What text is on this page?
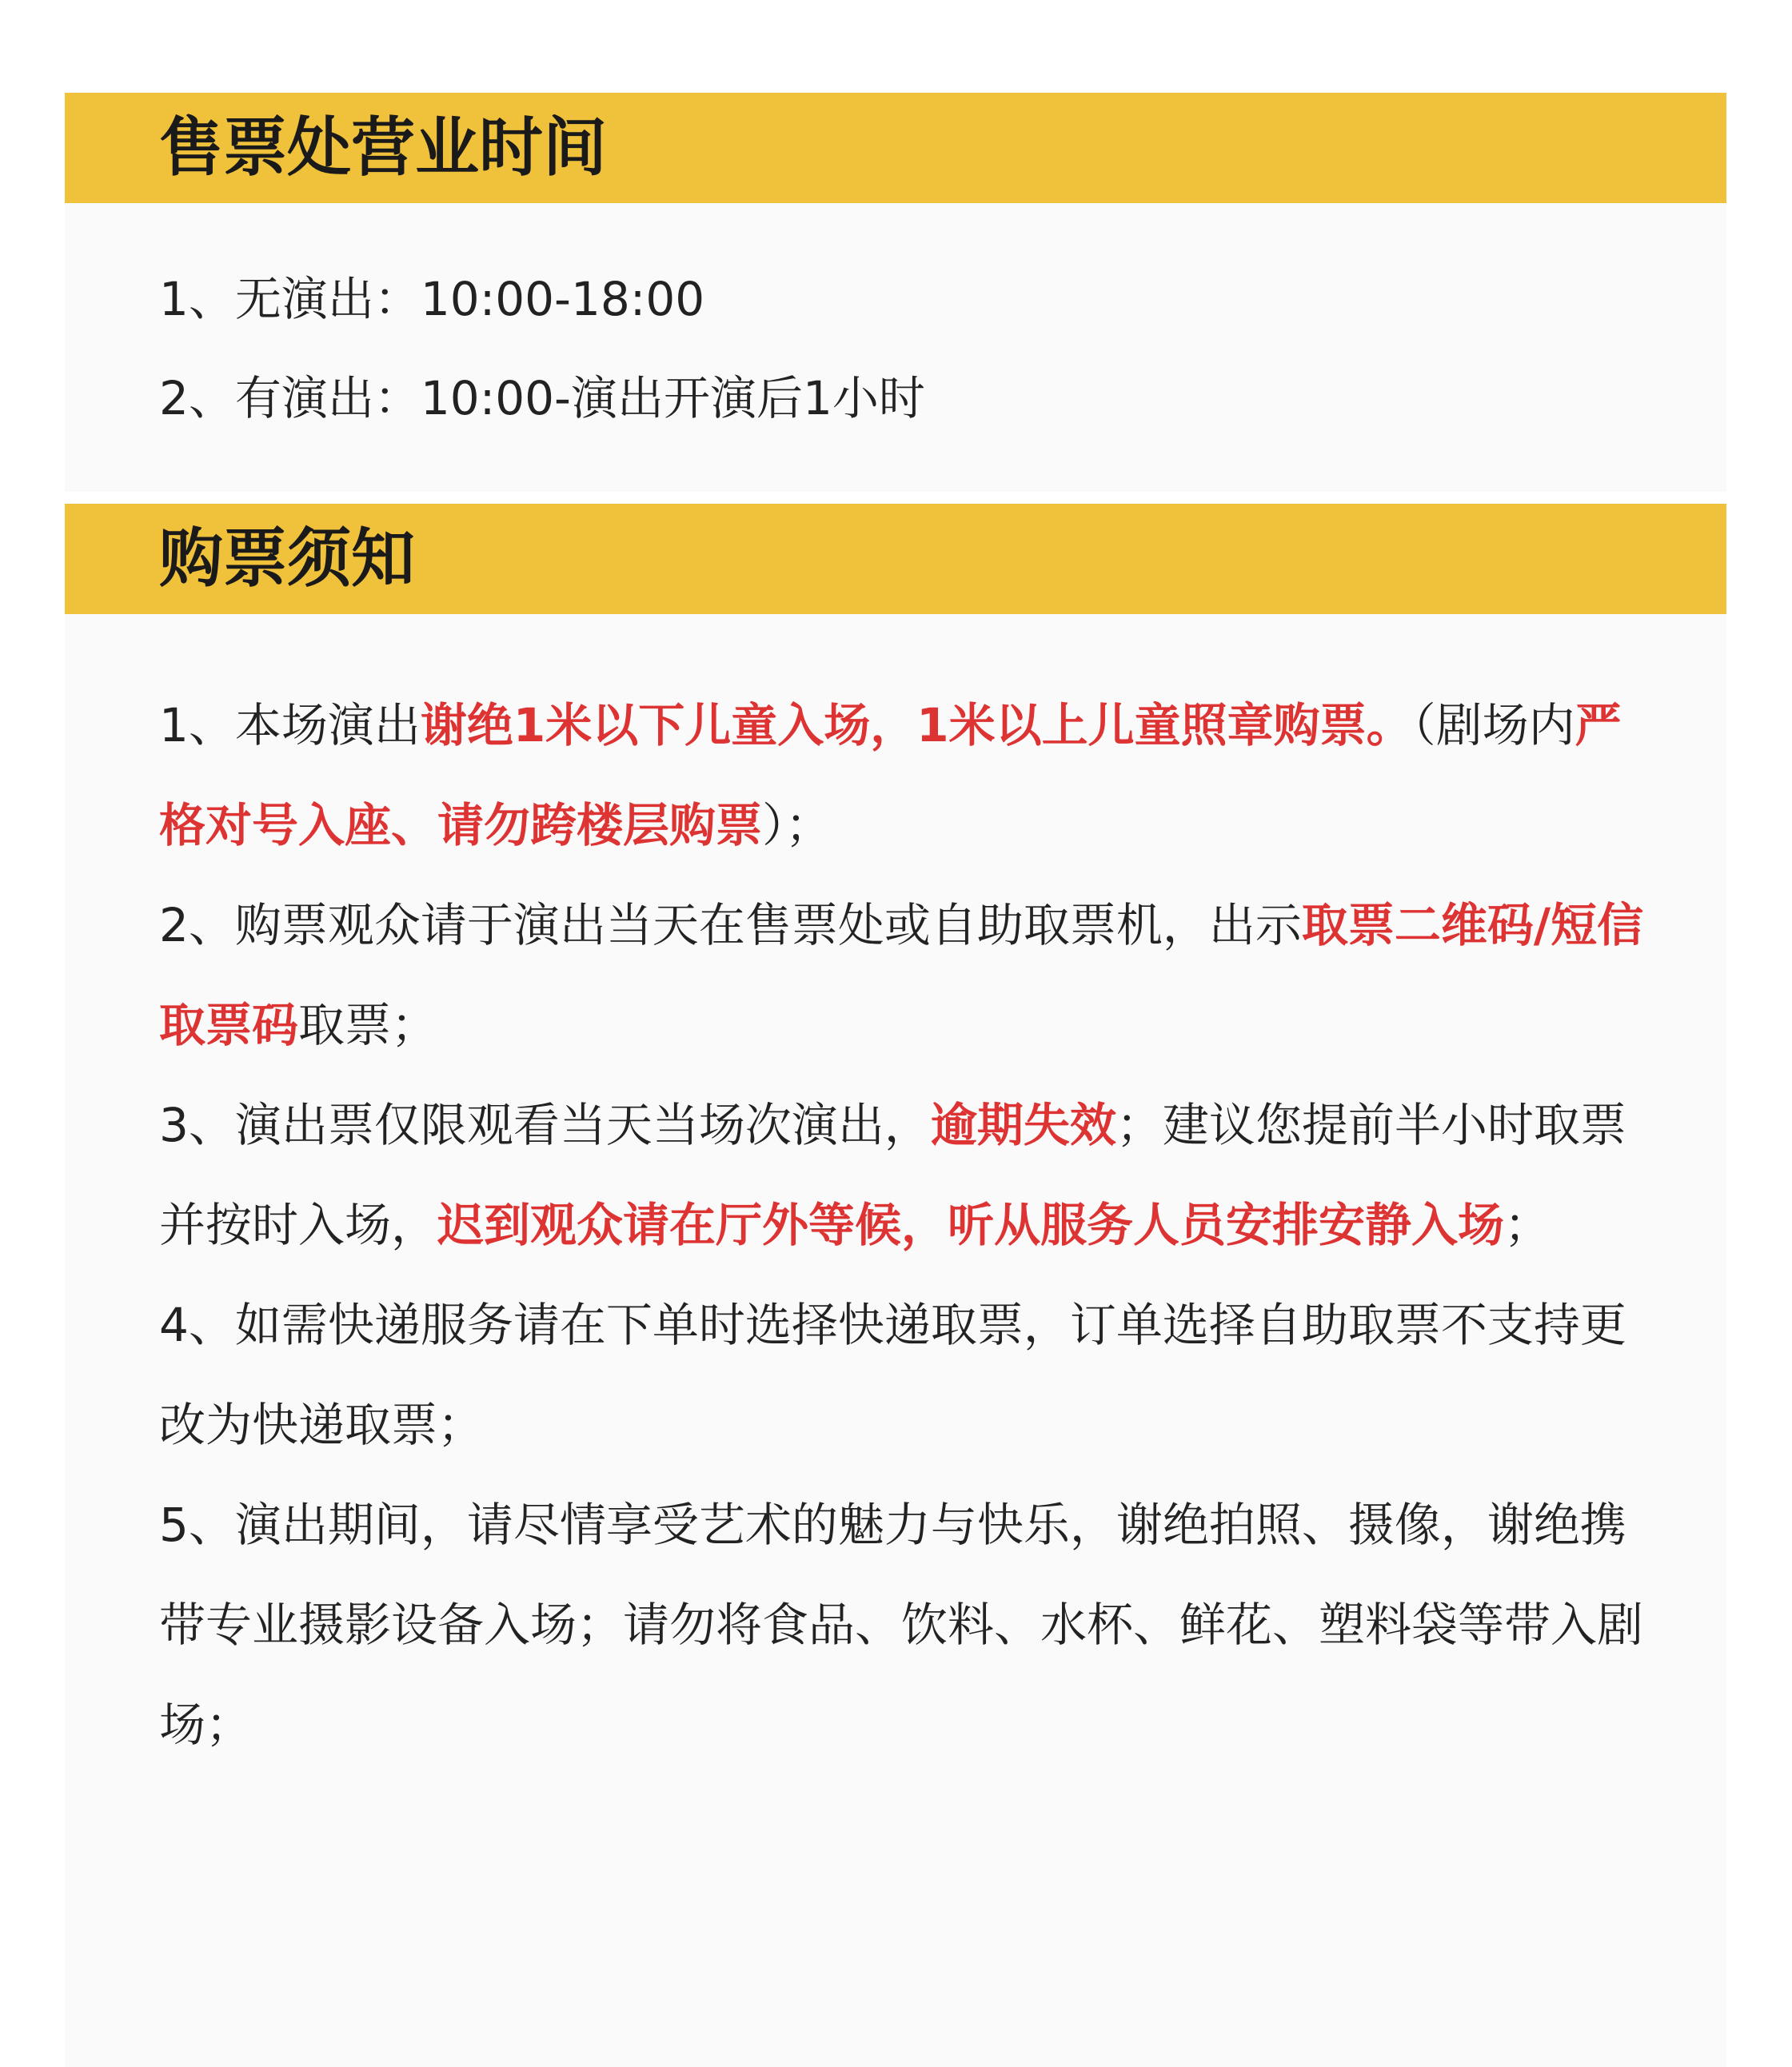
售票处营业时间
1、无演出：10:00-18:00
2、有演出：10:00-演出开演后1小时
购票须知
1、本场演出谢绝1米以下儿童入场，1米以上儿童照章购票。（剧场内严格对号入座、请勿跨楼层购票）；
2、购票观众请于演出当天在售票处或自助取票机，出示取票二维码/短信取票码取票；
3、演出票仅限观看当天当场次演出，逾期失效；建议您提前半小时取票并按时入场，迟到观众请在厅外等候，听从服务人员安排安静入场；
4、如需快递服务请在下单时选择快递取票，订单选择自助取票不支持更改为快递取票；
5、演出期间，请尽情享受艺术的魅力与快乐，谢绝拍照、摄像，谢绝携带专业摄影设备入场；请勿将食品、饮料、水杯、鲜花、塑料袋等带入剧场；
